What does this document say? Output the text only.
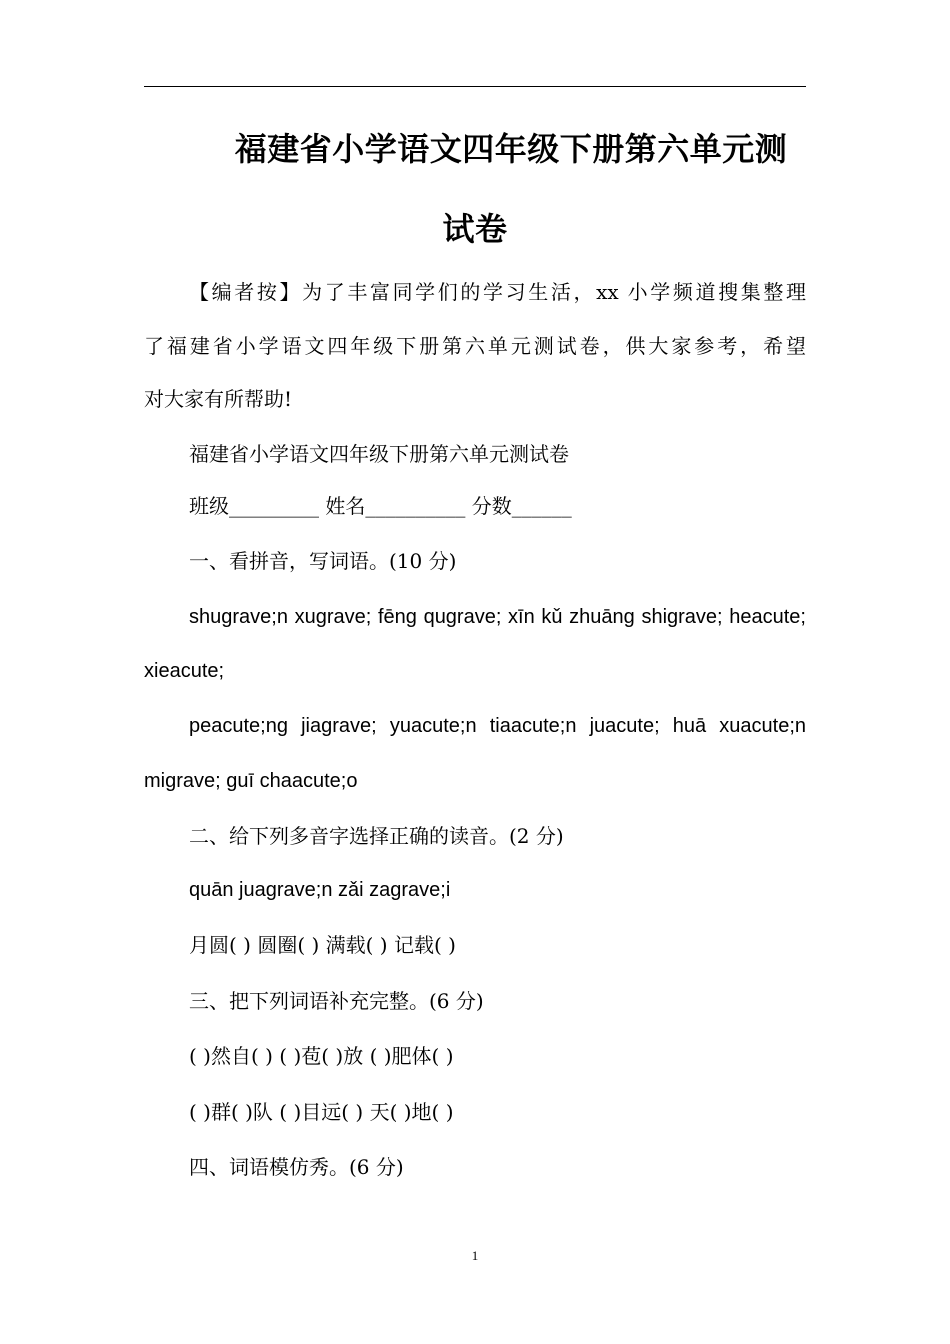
福建省小学语文四年级下册第六单元测
试卷
【编者按】为了丰富同学们的学习生活，xx 小学频道搜集整理
了福建省小学语文四年级下册第六单元测试卷，供大家参考，希望
对大家有所帮助!
福建省小学语文四年级下册第六单元测试卷
班级_________ 姓名__________ 分数______
一、看拼音，写词语。(10 分)
shugrave;n xugrave; fēng qugrave; xīn kǔ zhuāng shigrave; heacute;
xieacute;
peacute;ng jiagrave; yuacute;n tiaacute;n juacute; huā xuacute;n
migrave; guī chaacute;o
二、给下列多音字选择正确的读音。(2 分)
quān juagrave;n zǎi zagrave;i
月圆( ) 圆圈( ) 满载( ) 记载( )
三、把下列词语补充完整。(6 分)
( )然自( ) ( )苞( )放 ( )肥体( )
( )群( )队 ( )目远( ) 天( )地( )
四、词语模仿秀。(6 分)
1
